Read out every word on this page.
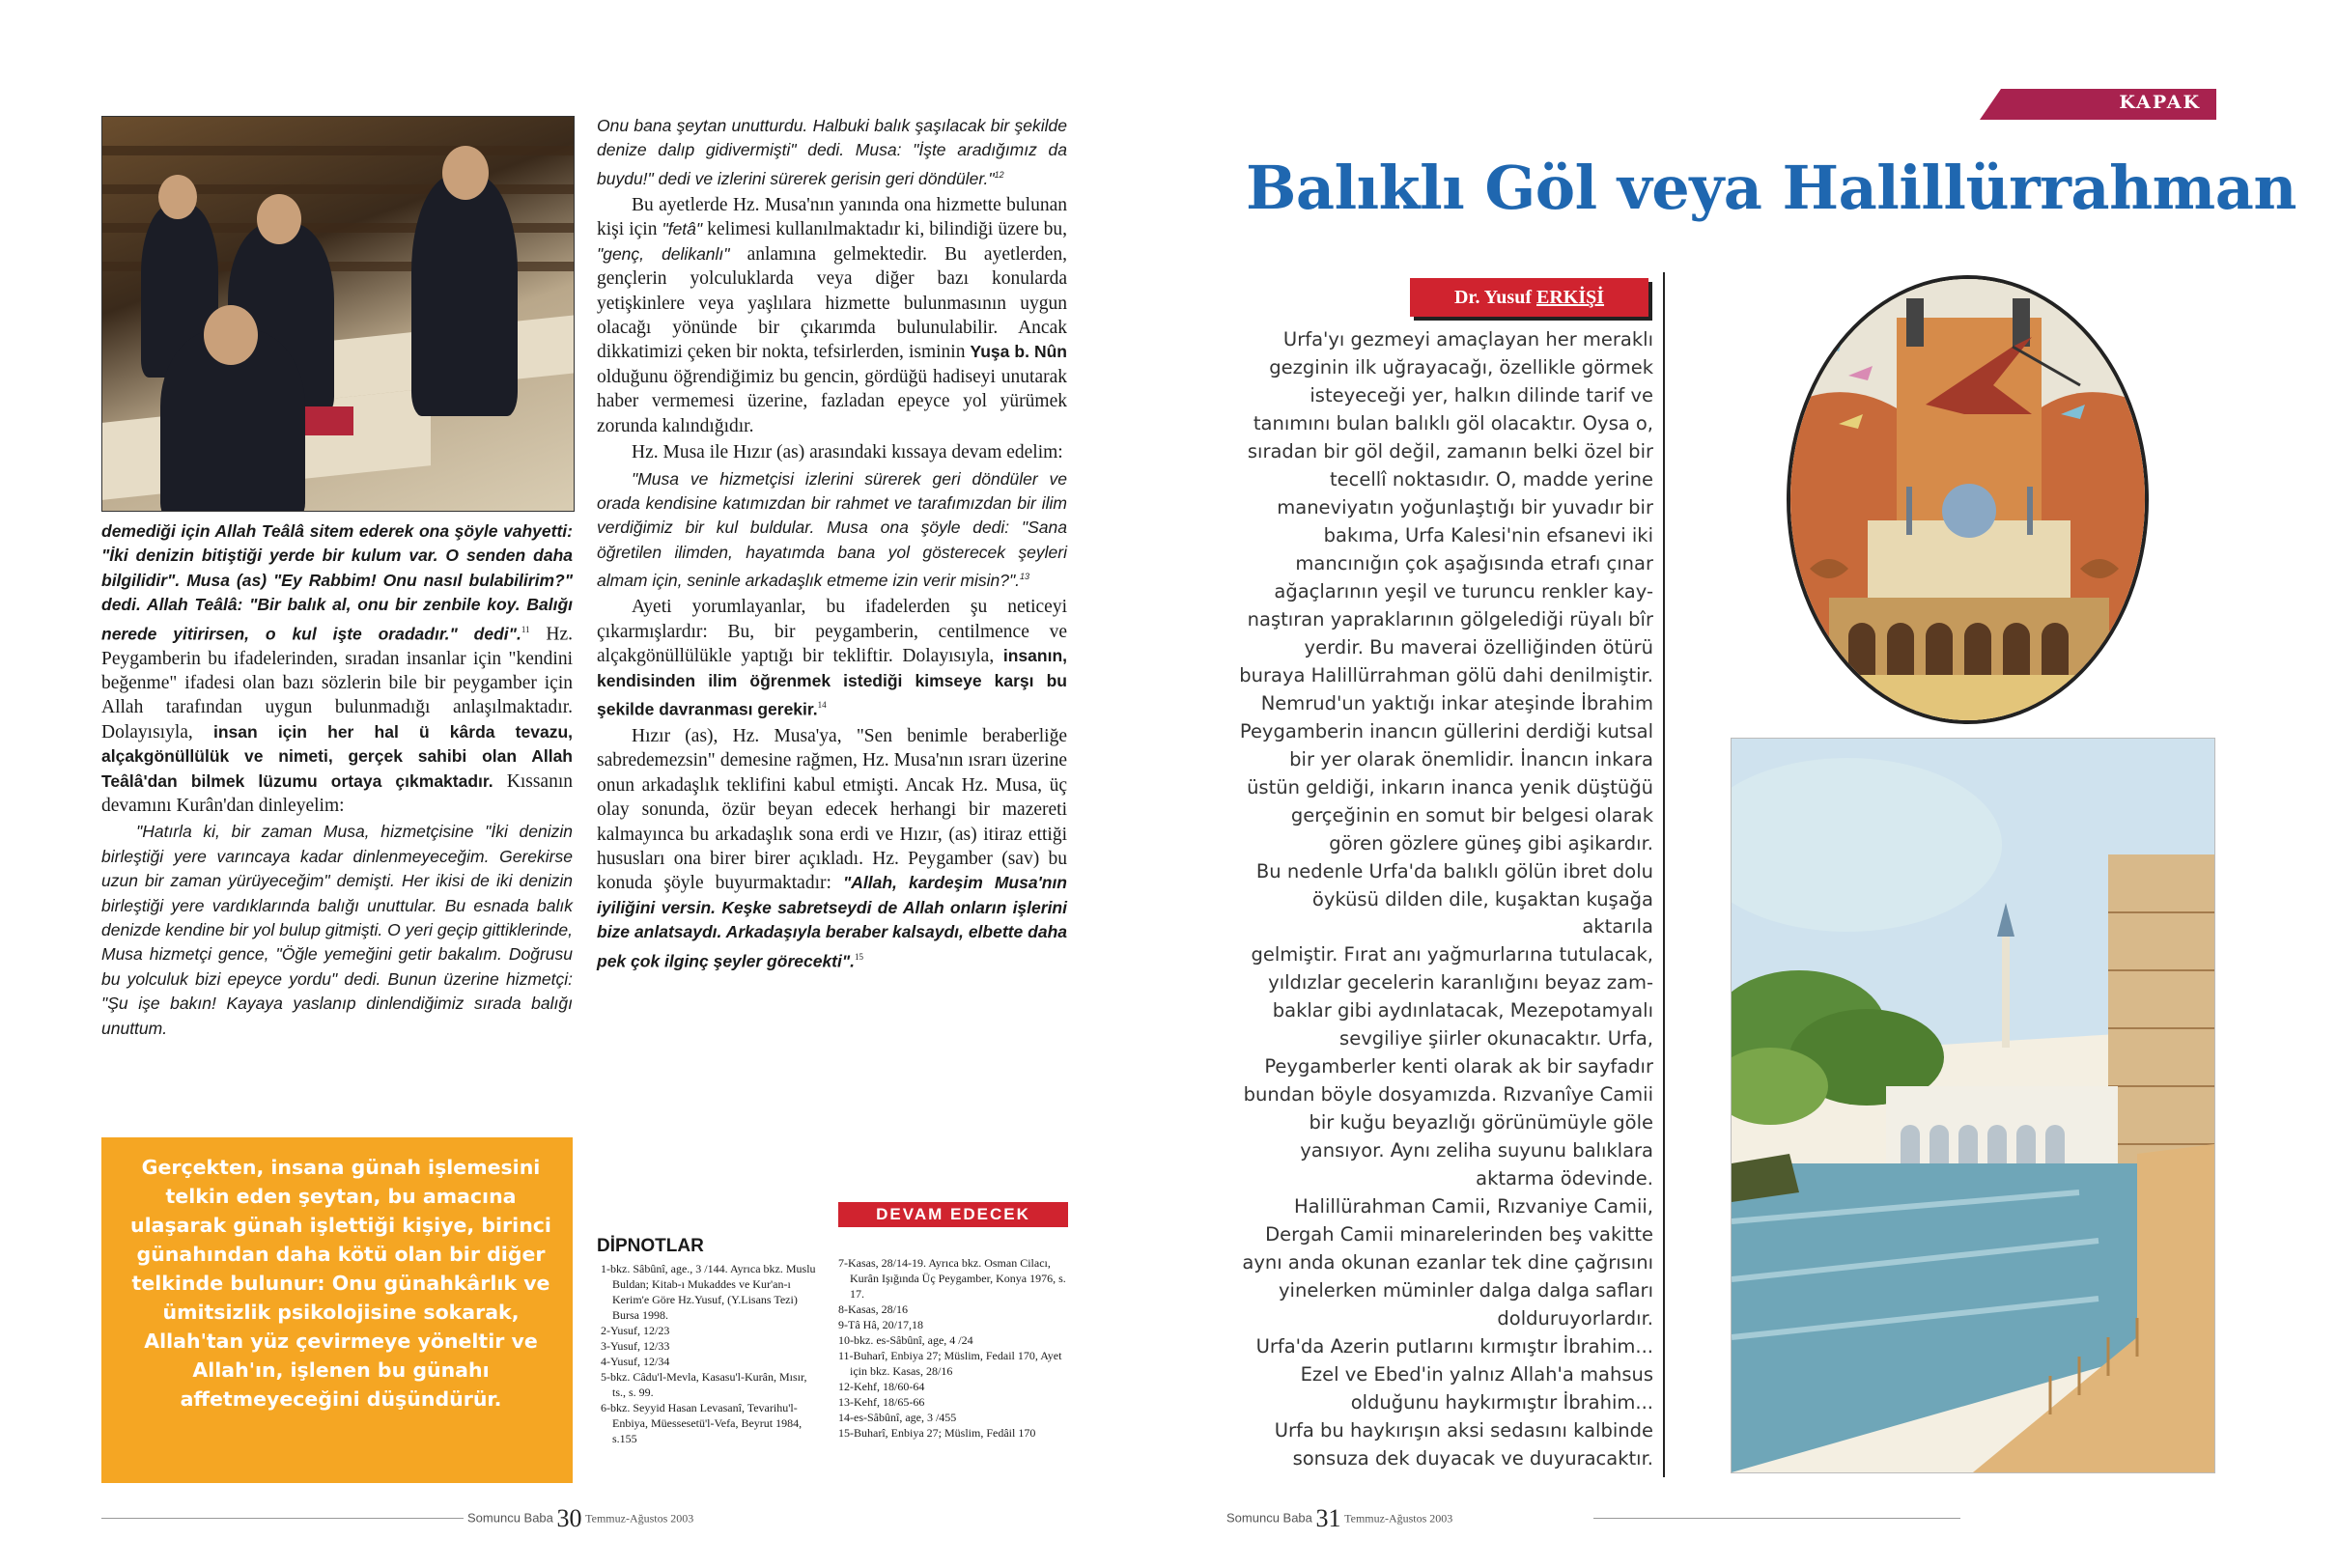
demediği için Allah Teâlâ sitem ederek ona şöyle vahyetti: "İki denizin bitiştiği yerde bir kulum var. O senden daha bilgilidir". Musa (as) "Ey Rabbim! Onu nasıl bulabilirim?" dedi. Allah Teâlâ: "Bir balık al, onu bir zenbile koy. Balığı nerede yitirirsen, o kul işte oradadır." dedi".$^{11}$ Hz. Peygamberin bu ifadelerinden, sıradan insanlar için "kendini beğenme" ifadesi olan bazı sözlerin bile bir peygamber için Allah tarafından uygun bulunmadığı anlaşılmaktadır. Dolayısıyla, insan için her hal ü kârda tevazu, alçakgönüllülük ve nimeti, gerçek sahibi olan Allah Teâlâ'dan bilmek lüzumu ortaya çıkmaktadır. Kıssanın devamını Kurân'dan dinleyelim:

"Hatırla ki, bir zaman Musa, hizmetçisine "İki denizin birleştiği yere varıncaya kadar dinlenmeyeceğim. Gerekirse uzun bir zaman yürüyeceğim" demişti. Her ikisi de iki denizin birleştiği yere vardıklarında balığı unuttular. Bu esnada balık denizde kendine bir yol bulup gitmişti. O yeri geçip gittiklerinde, Musa hizmetçi gence, "Öğle yemeğini getir bakalım. Doğrusu bu yolculuk bizi epeyce yordu" dedi. Bunun üzerine hizmetçi: "Şu işe bakın! Kayaya yaslanıp dinlendiğimiz sırada balığı unuttum.

Onu bana şeytan unutturdu. Halbuki balık şaşılacak bir şekilde denize dalıp gidivermişti" dedi. Musa: "İşte aradığımız da buydu!" dedi ve izlerini sürerek gerisin geri döndüler."$^{12}$

Bu ayetlerde Hz. Musa'nın yanında ona hizmette bulunan kişi için "fetâ" kelimesi kullanılmaktadır ki, bilindiği üzere bu, "genç, delikanlı" anlamına gelmektedir. Bu ayetlerden, gençlerin yolculuklarda veya diğer bazı konularda yetişkinlere veya yaşlılara hizmette bulunmasının uygun olacağı yönünde bir çıkarımda bulunulabilir. Ancak dikkatimizi çeken bir nokta, tefsirlerden, isminin Yuşa b. Nûn olduğunu öğrendiğimiz bu gencin, gördüğü hadiseyi unutarak haber vermemesi üzerine, fazladan epeyce yol yürümek zorunda kalındığıdır.

Hz. Musa ile Hızır (as) arasındaki kıssaya devam edelim:

"Musa ve hizmetçisi izlerini sürerek geri döndüler ve orada kendisine katımızdan bir rahmet ve tarafımızdan bir ilim verdiğimiz bir kul buldular. Musa ona şöyle dedi: "Sana öğretilen ilimden, hayatımda bana yol gösterecek şeyleri almam için, seninle arkadaşlık etmeme izin verir misin?".$^{13}$

Ayeti yorumlayanlar, bu ifadelerden şu neticeyi çıkarmışlardır: Bu, bir peygamberin, centilmence ve alçakgönüllülükle yaptığı bir tekliftir. Dolayısıyla, insanın, kendisinden ilim öğrenmek istediği kimseye karşı bu şekilde davranması gerekir.$^{14}$

Hızır (as), Hz. Musa'ya, "Sen benimle beraberliğe sabredemezsin" demesine rağmen, Hz. Musa'nın ısrarı üzerine onun arkadaşlık teklifini kabul etmişti. Ancak Hz. Musa, üç olay sonunda, özür beyan edecek herhangi bir mazereti kalmayınca bu arkadaşlık sona erdi ve Hızır, (as) itiraz ettiği hususları ona birer birer açıkladı. Hz. Peygamber (sav) bu konuda şöyle buyurmaktadır: "Allah, kardeşim Musa'nın iyiliğini versin. Keşke sabretseydi de Allah onların işlerini bize anlatsaydı. Arkadaşıyla beraber kalsaydı, elbette daha pek çok ilginç şeyler görecekti".$^{15}$

Gerçekten, insana günah işlemesini telkin eden şeytan, bu amacına ulaşarak günah işlettiği kişiye, birinci günahından daha kötü olan bir diğer telkinde bulunur: Onu günahkârlık ve ümitsizlik psikolojisine sokarak, Allah'tan yüz çevirmeye yöneltir ve Allah'ın, işlenen bu günahı affetmeyeceğini düşündürür.
DEVAM EDECEK
DİPNOTLAR
1-bkz. Sâbûnî, age., 3 /144. Ayrıca bkz. Muslu Buldan; Kitab-ı Mukaddes ve Kur'an-ı Kerim'e Göre Hz.Yusuf, (Y.Lisans Tezi) Bursa 1998.
2-Yusuf, 12/23
3-Yusuf, 12/33
4-Yusuf, 12/34
5-bkz. Câdu'l-Mevla, Kasasu'l-Kurân, Mısır, ts., s. 99.
6-bkz. Seyyid Hasan Levasanî, Tevarihu'l-Enbiya, Müessesetü'l-Vefa, Beyrut 1984, s.155
7-Kasas, 28/14-19. Ayrıca bkz. Osman Cilacı, Kurân Işığında Üç Peygamber, Konya 1976, s. 17.
8-Kasas, 28/16
9-Tâ Hâ, 20/17,18
10-bkz. es-Sâbûnî, age, 4 /24
11-Buharî, Enbiya 27; Müslim, Fedail 170, Ayet için bkz. Kasas, 28/16
12-Kehf, 18/60-64
13-Kehf, 18/65-66
14-es-Sâbûnî, age, 3 /455
15-Buharî, Enbiya 27; Müslim, Fedâil 170
Somuncu Baba 30 Temmuz-Ağustos 2003
KAPAK
Balıklı Göl veya Halillürrahman
Dr. Yusuf ERKİŞİ

Urfa'yı gezmeyi amaçlayan her meraklı

gezginin ilk uğrayacağı, özellikle görmek

isteyeceği yer, halkın dilinde tarif ve

tanımını bulan balıklı göl olacaktır. Oysa o,

sıradan bir göl değil, zamanın belki özel bir

tecellî noktasıdır. O, madde yerine

maneviyatın yoğunlaştığı bir yuvadır bir

bakıma, Urfa Kalesi'nin efsanevi iki

mancınığın çok aşağısında etrafı çınar

ağaçlarının yeşil ve turuncu renkler kay-

naştıran yapraklarının gölgelediği rüyalı bîr

yerdir. Bu maverai özelliğinden ötürü

buraya Halillürrahman gölü dahi denilmiştir.

Nemrud'un yaktığı inkar ateşinde İbrahim

Peygamberin inancın güllerini derdiği kutsal

bir yer olarak önemlidir. İnancın inkara

üstün geldiği, inkarın inanca yenik düştüğü

gerçeğinin en somut bir belgesi olarak

gören gözlere güneş gibi aşikardır.

Bu nedenle Urfa'da balıklı gölün ibret dolu

öyküsü dilden dile, kuşaktan kuşağa aktarıla

gelmiştir. Fırat anı yağmurlarına tutulacak,

yıldızlar gecelerin karanlığını beyaz zam-

baklar gibi aydınlatacak, Mezepotamyalı

sevgiliye şiirler okunacaktır. Urfa,

Peygamberler kenti olarak ak bir sayfadır

bundan böyle dosyamızda. Rızvanîye Camii

bir kuğu beyazlığı görünümüyle göle

yansıyor. Aynı zeliha suyunu balıklara

aktarma ödevinde.

Halillürahman Camii, Rızvaniye Camii,

Dergah Camii minarelerinden beş vakitte

aynı anda okunan ezanlar tek dine çağrısını

yinelerken müminler dalga dalga safları

dolduruyorlardır.

Urfa'da Azerin putlarını kırmıştır İbrahim...

Ezel ve Ebed'in yalnız Allah'a mahsus

olduğunu haykırmıştır İbrahim...

Urfa bu haykırışın aksi sedasını kalbinde

sonsuza dek duyacak ve duyuracaktır.

Somuncu Baba 31 Temmuz-Ağustos 2003
